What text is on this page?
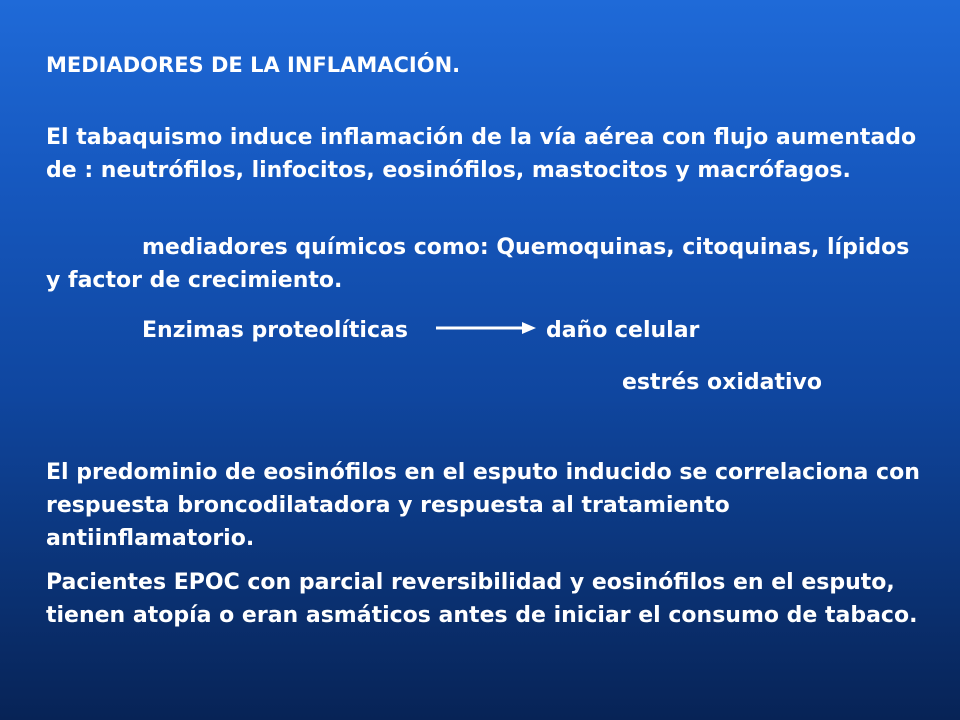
MEDIADORES DE LA INFLAMACIÓN.
El tabaquismo induce inflamación de la vía aérea con flujo aumentado de : neutrófilos, linfocitos, eosinófilos, mastocitos y macrófagos.
mediadores químicos como: Quemoquinas, citoquinas, lípidos y factor de crecimiento.
Enzimas proteolíticas	daño celular
estrés oxidativo
El predominio de eosinófilos en el esputo inducido se correlaciona con respuesta broncodilatadora y respuesta al tratamiento antiinflamatorio.
Pacientes EPOC con parcial reversibilidad y eosinófilos en el esputo, tienen atopía o eran asmáticos antes de iniciar el consumo de tabaco.
